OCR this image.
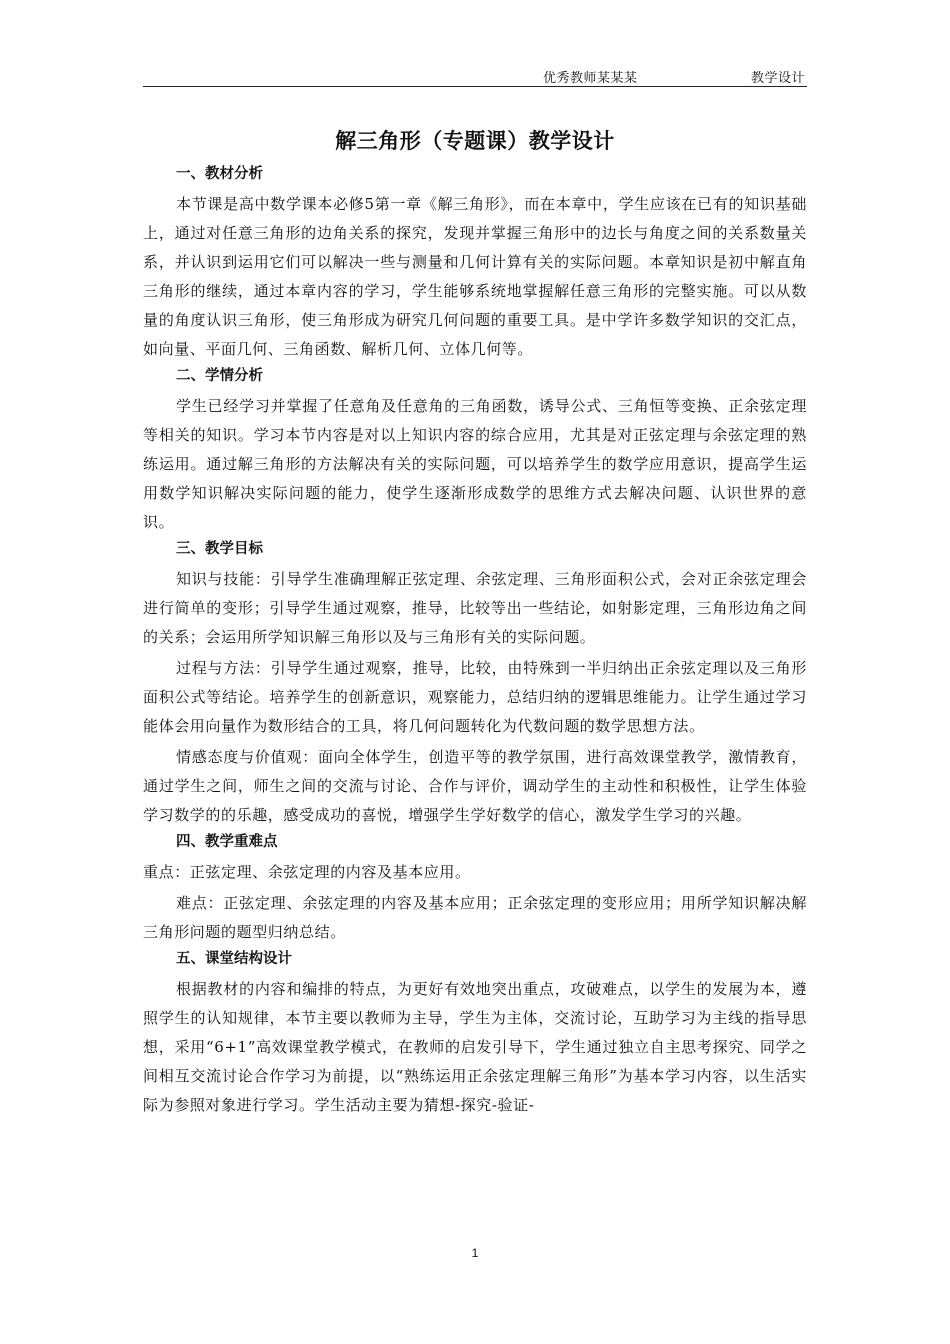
优秀教师某某某	教学设计
解三角形（专题课）教学设计
一、教材分析

本节课是高中数学课本必修5第一章《解三角形》，而在本章中，学生应该在已有的知识基础上，通过对任意三角形的边角关系的探究，发现并掌握三角形中的边长与角度之间的关系数量关系，并认识到运用它们可以解决一些与测量和几何计算有关的实际问题。本章知识是初中解直角三角形的继续，通过本章内容的学习，学生能够系统地掌握解任意三角形的完整实施。可以从数量的角度认识三角形，使三角形成为研究几何问题的重要工具。是中学许多数学知识的交汇点，如向量、平面几何、三角函数、解析几何、立体几何等。

二、学情分析

学生已经学习并掌握了任意角及任意角的三角函数，诱导公式、三角恒等变换、正余弦定理等相关的知识。学习本节内容是对以上知识内容的综合应用，尤其是对正弦定理与余弦定理的熟练运用。通过解三角形的方法解决有关的实际问题，可以培养学生的数学应用意识，提高学生运用数学知识解决实际问题的能力，使学生逐渐形成数学的思维方式去解决问题、认识世界的意识。

三、教学目标

知识与技能：引导学生准确理解正弦定理、余弦定理、三角形面积公式，会对正余弦定理会进行简单的变形；引导学生通过观察，推导，比较等出一些结论，如射影定理，三角形边角之间的关系；会运用所学知识解三角形以及与三角形有关的实际问题。

过程与方法：引导学生通过观察，推导，比较，由特殊到一半归纳出正余弦定理以及三角形面积公式等结论。培养学生的创新意识，观察能力，总结归纳的逻辑思维能力。让学生通过学习能体会用向量作为数形结合的工具，将几何问题转化为代数问题的数学思想方法。

情感态度与价值观：面向全体学生，创造平等的教学氛围，进行高效课堂教学，激情教育，通过学生之间，师生之间的交流与讨论、合作与评价，调动学生的主动性和积极性，让学生体验学习数学的的乐趣，感受成功的喜悦，增强学生学好数学的信心，激发学生学习的兴趣。

四、教学重难点

重点：正弦定理、余弦定理的内容及基本应用。

难点：正弦定理、余弦定理的内容及基本应用；正余弦定理的变形应用；用所学知识解决解三角形问题的题型归纳总结。

五、课堂结构设计

根据教材的内容和编排的特点，为更好有效地突出重点，攻破难点，以学生的发展为本，遵照学生的认知规律，本节主要以教师为主导，学生为主体，交流讨论，互助学习为主线的指导思想，采用“6+1”高效课堂教学模式，在教师的启发引导下，学生通过独立自主思考探究、同学之间相互交流讨论合作学习为前提，以“熟练运用正余弦定理解三角形”为基本学习内容，以生活实际为参照对象进行学习。学生活动主要为猜想-探究-验证-

1
